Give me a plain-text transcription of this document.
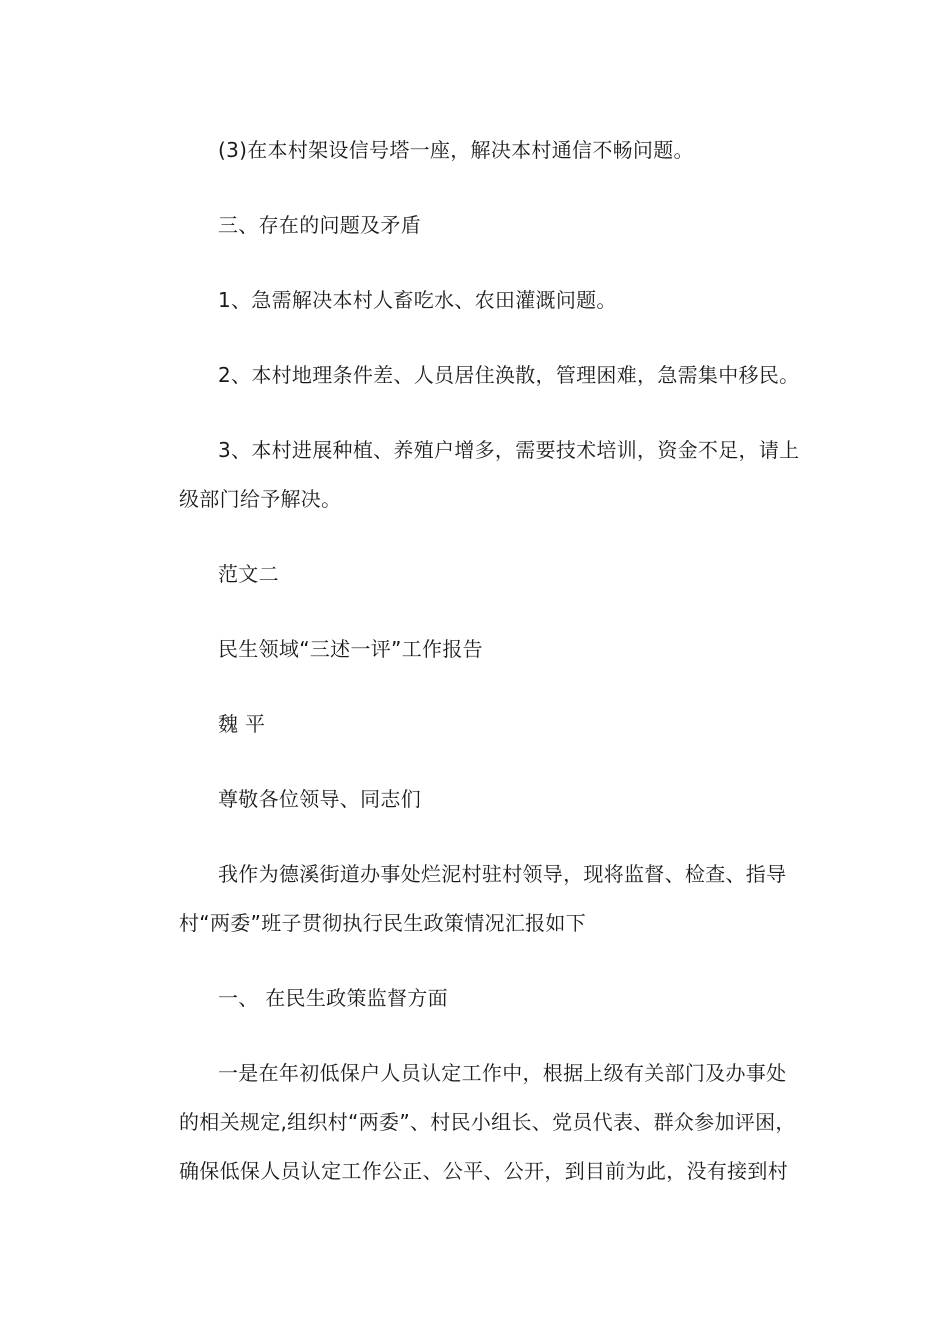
(3)在本村架设信号塔一座，解决本村通信不畅问题。
三、存在的问题及矛盾
1、急需解决本村人畜吃水、农田灌溉问题。
2、本村地理条件差、人员居住涣散，管理困难，急需集中移民。
3、本村进展种植、养殖户增多，需要技术培训，资金不足，请上
级部门给予解决。
范文二
民生领域“三述一评”工作报告
魏 平
尊敬各位领导、同志们
我作为德溪街道办事处烂泥村驻村领导，现将监督、检查、指导
村“两委”班子贯彻执行民生政策情况汇报如下
一、 在民生政策监督方面
一是在年初低保户人员认定工作中，根据上级有关部门及办事处
的相关规定,组织村“两委”、村民小组长、党员代表、群众参加评困，
确保低保人员认定工作公正、公平、公开，到目前为此，没有接到村
